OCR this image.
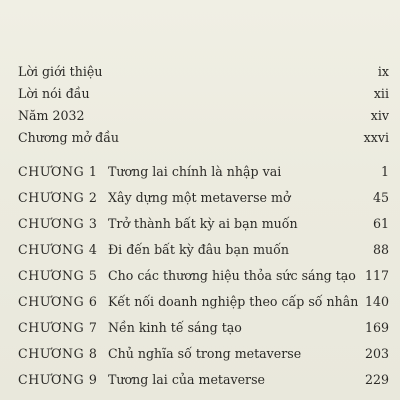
Lời giới thiệu	ix
Lời nói đầu	xii
Năm 2032	xiv
Chương mở đầu	xxvi
CHƯƠNG 1 Tương lai chính là nhập vai	1
CHƯƠNG 2 Xây dựng một metaverse mở	45
CHƯƠNG 3 Trở thành bất kỳ ai bạn muốn	61
CHƯƠNG 4 Đi đến bất kỳ đâu bạn muốn	88
CHƯƠNG 5 Cho các thương hiệu thỏa sức sáng tạo 117
CHƯƠNG 6 Kết nối doanh nghiệp theo cấp số nhân 140
CHƯƠNG 7 Nền kinh tế sáng tạo	169
CHƯƠNG 8 Chủ nghĩa số trong metaverse	203
CHƯƠNG 9 Tương lai của metaverse	229
